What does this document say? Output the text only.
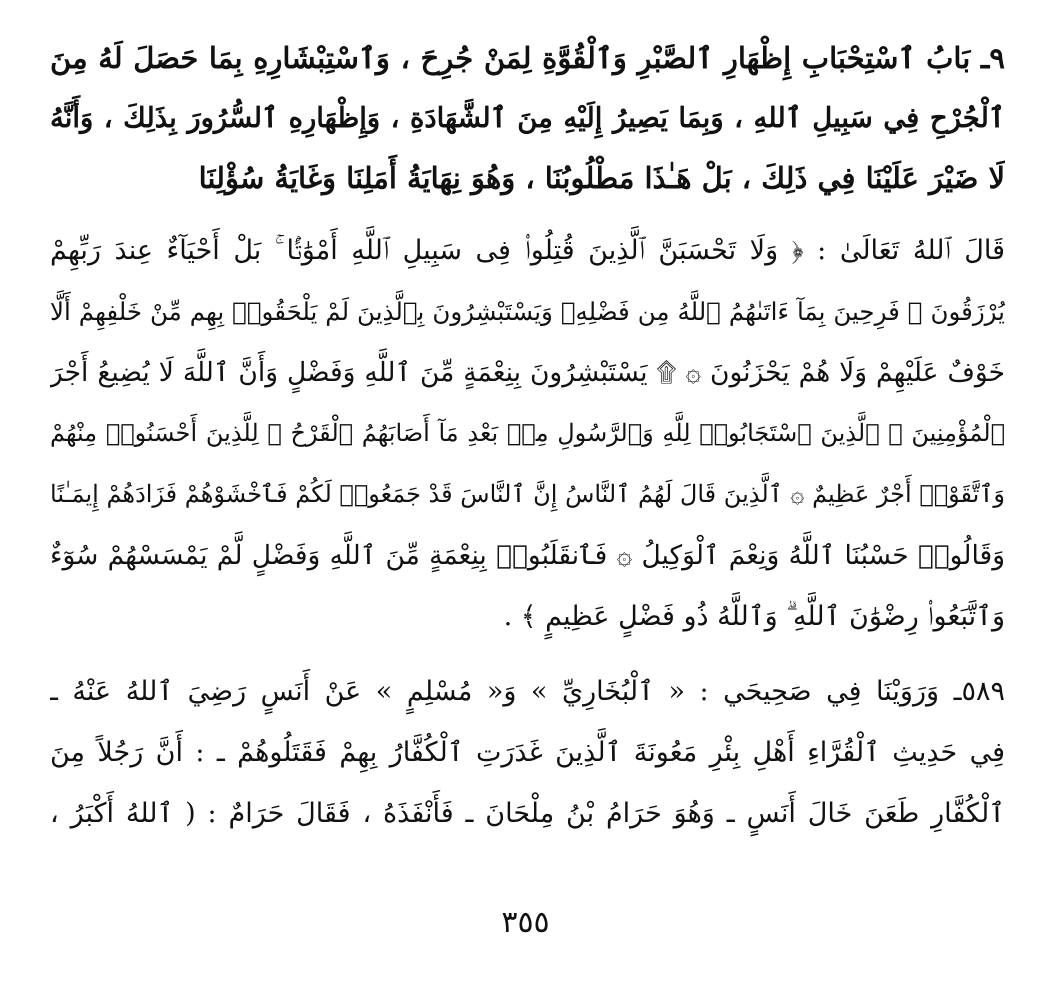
٩ـ بَابُ ٱسْتِحْبَابِ إِظْهَارِ ٱلصَّبْرِ وَٱلْقُوَّةِ لِمَنْ جُرِحَ ، وَٱسْتِبْشَارِهِ بِمَا حَصَلَ لَهُ مِنَ
ٱلْجُرْحِ فِي سَبِيلِ ٱللهِ ، وَبِمَا يَصِيرُ إِلَيْهِ مِنَ ٱلشَّهَادَةِ ، وَإِظْهَارِهِ ٱلسُّرُورَ بِذَلِكَ ، وَأَنَّهُ
لَا ضَيْرَ عَلَيْنَا فِي ذَلِكَ ، بَلْ هَـٰذَا مَطْلُوبُنَا ، وَهُوَ نِهَايَةُ أَمَلِنَا وَغَايَةُ سُؤْلِنَا
قَالَ ٱللهُ تَعَالَىٰ : ﴿ وَلَا تَحْسَبَنَّ ٱلَّذِينَ قُتِلُوا۟ فِى سَبِيلِ ٱللَّهِ أَمْوَٰتًۢا ۚ بَلْ أَحْيَآءٌ عِندَ رَبِّهِمْ
يُرْزَقُونَ ۞ فَرِحِينَ بِمَآ ءَاتَىٰهُمُ ٱللَّهُ مِن فَضْلِهِۦ وَيَسْتَبْشِرُونَ بِٱلَّذِينَ لَمْ يَلْحَقُوا۟ بِهِم مِّنْ خَلْفِهِمْ أَلَّا
خَوْفٌ عَلَيْهِمْ وَلَا هُمْ يَحْزَنُونَ ۞ ۩ يَسْتَبْشِرُونَ بِنِعْمَةٍ مِّنَ ٱللَّهِ وَفَضْلٍ وَأَنَّ ٱللَّهَ لَا يُضِيعُ أَجْرَ
ٱلْمُؤْمِنِينَ ۞ ٱلَّذِينَ ٱسْتَجَابُوا۟ لِلَّهِ وَٱلرَّسُولِ مِنۢ بَعْدِ مَآ أَصَابَهُمُ ٱلْقَرْحُ ۚ لِلَّذِينَ أَحْسَنُوا۟ مِنْهُمْ
وَٱتَّقَوْا۟ أَجْرٌ عَظِيمٌ ۞ ٱلَّذِينَ قَالَ لَهُمُ ٱلنَّاسُ إِنَّ ٱلنَّاسَ قَدْ جَمَعُوا۟ لَكُمْ فَٱخْشَوْهُمْ فَزَادَهُمْ إِيمَـٰنًا
وَقَالُوا۟ حَسْبُنَا ٱللَّهُ وَنِعْمَ ٱلْوَكِيلُ ۞ فَٱنقَلَبُوا۟ بِنِعْمَةٍ مِّنَ ٱللَّهِ وَفَضْلٍ لَّمْ يَمْسَسْهُمْ سُوٓءٌ
وَٱتَّبَعُوا۟ رِضْوَٰنَ ٱللَّهِ ۗ وَٱللَّهُ ذُو فَضْلٍ عَظِيمٍ ﴾ .
٥٨٩ـ وَرَوَيْنَا فِي صَحِيحَي : « ٱلْبُخَارِيِّ » وَ« مُسْلِمٍ » عَنْ أَنَسٍ رَضِيَ ٱللهُ عَنْهُ ـ
فِي حَدِيثِ ٱلْقُرَّاءِ أَهْلِ بِئْرِ مَعُونَةَ ٱلَّذِينَ غَدَرَتِ ٱلْكُفَّارُ بِهِمْ فَقَتَلُوهُمْ ـ : أَنَّ رَجُلاً مِنَ
ٱلْكُفَّارِ طَعَنَ خَالَ أَنَسٍ ـ وَهُوَ حَرَامُ بْنُ مِلْحَانَ ـ فَأَنْفَذَهُ ، فَقَالَ حَرَامٌ : ( ٱللهُ أَكْبَرُ ،
٣٥٥
